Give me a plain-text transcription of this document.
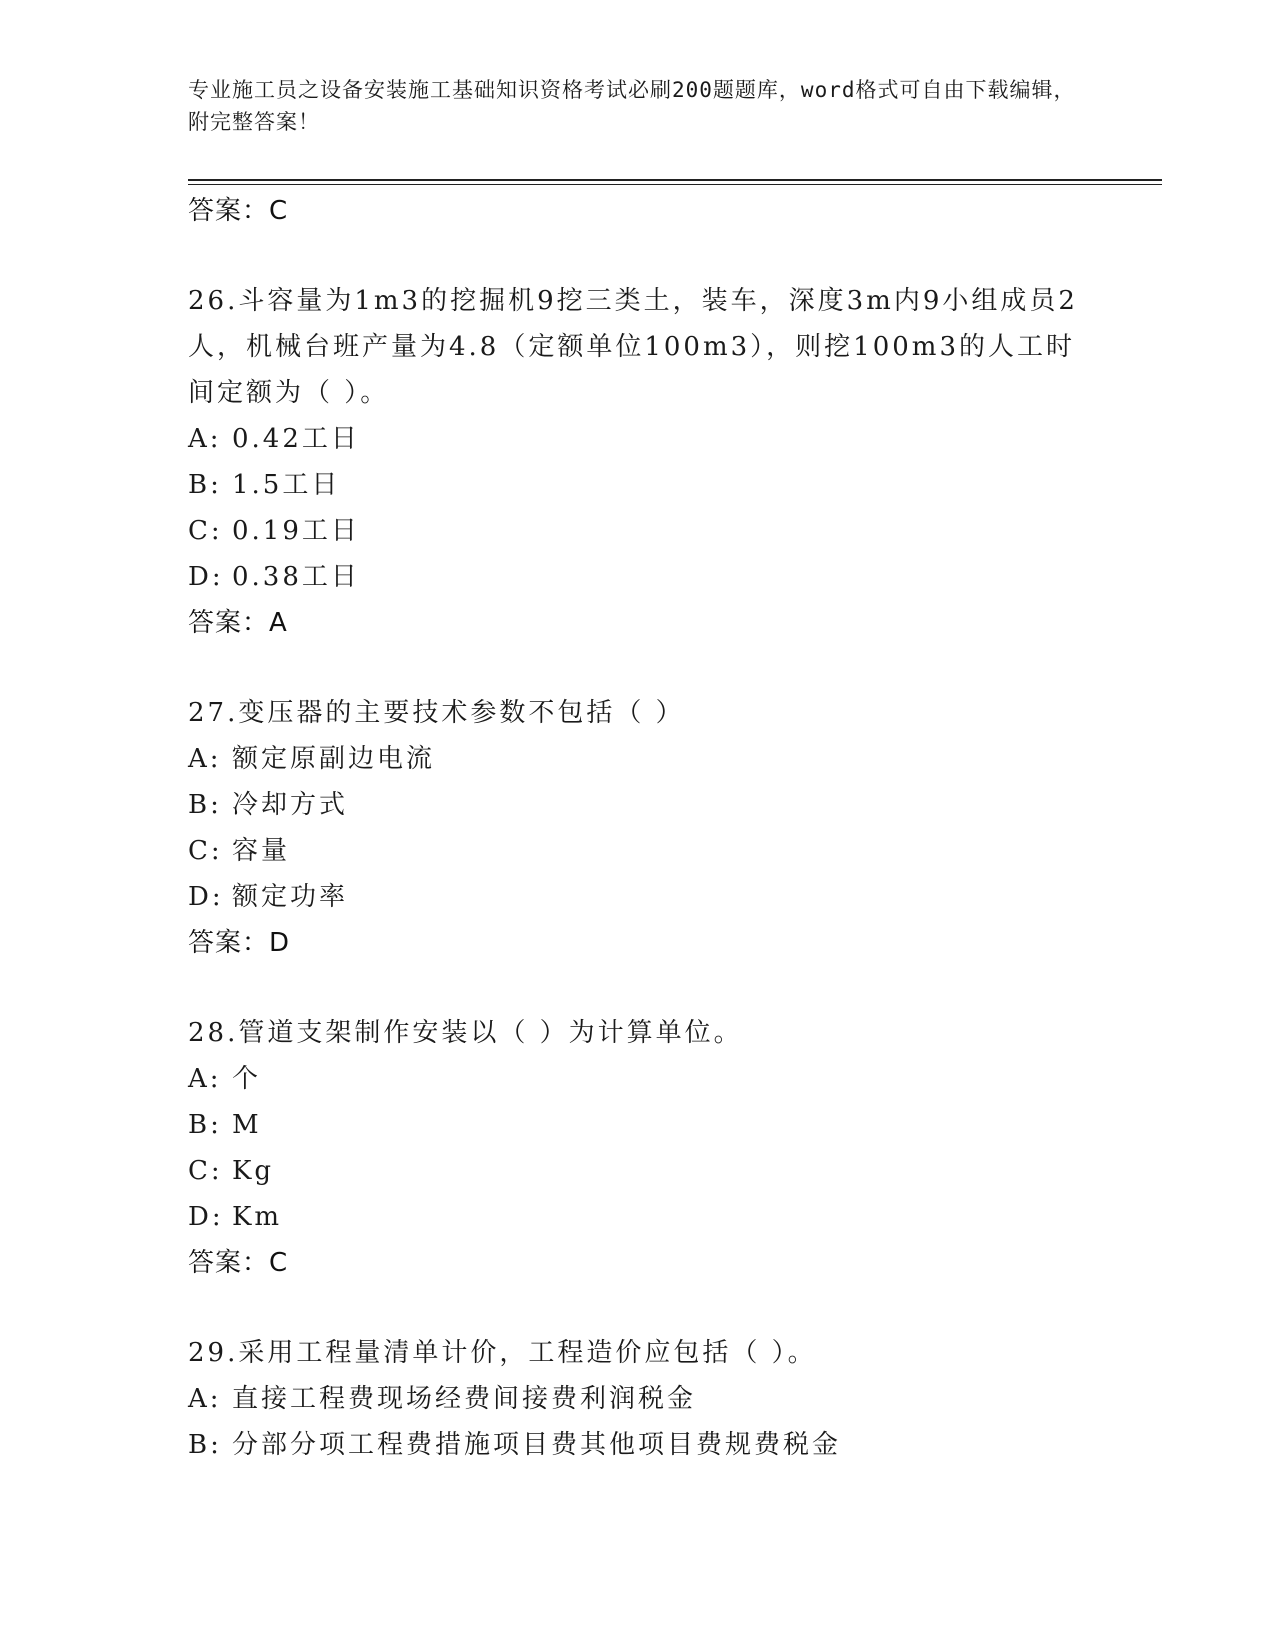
专业施工员之设备安装施工基础知识资格考试必刷200题题库，word格式可自由下载编辑，附完整答案！
答案：C
26.斗容量为1m3的挖掘机9挖三类土，装车，深度3m内9小组成员2人，机械台班产量为4.8（定额单位100m3），则挖100m3的人工时间定额为（ ）。
A: 0.42工日
B: 1.5工日
C: 0.19工日
D: 0.38工日
答案：A
27.变压器的主要技术参数不包括（ ）
A: 额定原副边电流
B: 冷却方式
C: 容量
D: 额定功率
答案：D
28.管道支架制作安装以（ ）为计算单位。
A: 个
B: M
C: Kg
D: Km
答案：C
29.采用工程量清单计价，工程造价应包括（ ）。
A: 直接工程费现场经费间接费利润税金
B: 分部分项工程费措施项目费其他项目费规费税金
